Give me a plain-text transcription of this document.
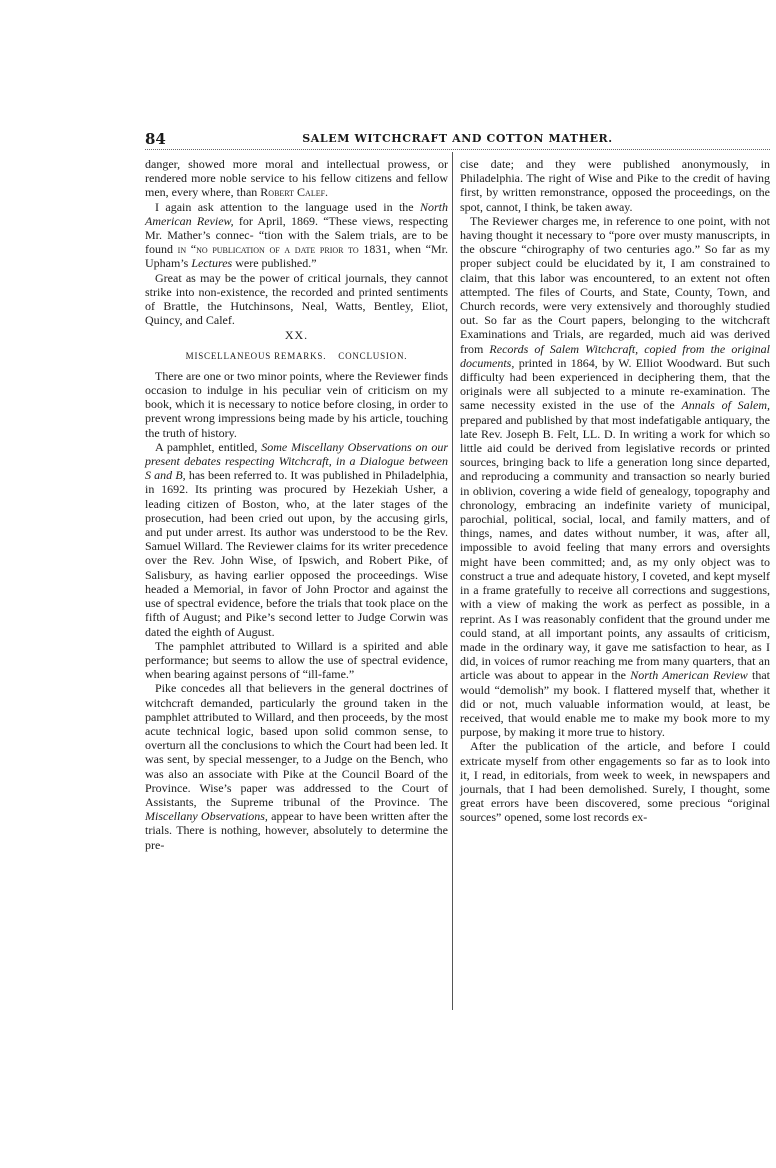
84	SALEM WITCHCRAFT AND COTTON MATHER.

danger, showed more moral and intellectual prowess, or rendered more noble service to his fellow citizens and fellow men, every where, than Robert Calef.

I again ask attention to the language used in the North American Review, for April, 1869. “These views, respecting Mr. Mather’s connec- “tion with the Salem trials, are to be found in “no publication of a date prior to 1831, when “Mr. Upham’s Lectures were published.”

Great as may be the power of critical journals, they cannot strike into non-existence, the recorded and printed sentiments of Brattle, the Hutchinsons, Neal, Watts, Bentley, Eliot, Quincy, and Calef.

XX.
MISCELLANEOUS REMARKS. CONCLUSION.

There are one or two minor points, where the Reviewer finds occasion to indulge in his peculiar vein of criticism on my book, which it is necessary to notice before closing, in order to prevent wrong impressions being made by his article, touching the truth of history.

A pamphlet, entitled, Some Miscellany Observations on our present debates respecting Witchcraft, in a Dialogue between S and B, has been referred to. It was published in Philadelphia, in 1692. Its printing was procured by Hezekiah Usher, a leading citizen of Boston, who, at the later stages of the prosecution, had been cried out upon, by the accusing girls, and put under arrest. Its author was understood to be the Rev. Samuel Willard. The Reviewer claims for its writer precedence over the Rev. John Wise, of Ipswich, and Robert Pike, of Salisbury, as having earlier opposed the proceedings. Wise headed a Memorial, in favor of John Proctor and against the use of spectral evidence, before the trials that took place on the fifth of August; and Pike’s second letter to Judge Corwin was dated the eighth of August.

The pamphlet attributed to Willard is a spirited and able performance; but seems to allow the use of spectral evidence, when bearing against persons of “ill-fame.”

Pike concedes all that believers in the general doctrines of witchcraft demanded, particularly the ground taken in the pamphlet attributed to Willard, and then proceeds, by the most acute technical logic, based upon solid common sense, to overturn all the conclusions to which the Court had been led. It was sent, by special messenger, to a Judge on the Bench, who was also an associate with Pike at the Council Board of the Province. Wise’s paper was addressed to the Court of Assistants, the Supreme tribunal of the Province. The Miscellany Observations, appear to have been written after the trials. There is nothing, however, absolutely to determine the pre-

cise date; and they were published anonymously, in Philadelphia. The right of Wise and Pike to the credit of having first, by written remonstrance, opposed the proceedings, on the spot, cannot, I think, be taken away.

The Reviewer charges me, in reference to one point, with not having thought it necessary to “pore over musty manuscripts, in the obscure “chirography of two centuries ago.” So far as my proper subject could be elucidated by it, I am constrained to claim, that this labor was encountered, to an extent not often attempted. The files of Courts, and State, County, Town, and Church records, were very extensively and thoroughly studied out. So far as the Court papers, belonging to the witchcraft Examinations and Trials, are regarded, much aid was derived from Records of Salem Witchcraft, copied from the original documents, printed in 1864, by W. Elliot Woodward. But such difficulty had been experienced in deciphering them, that the originals were all subjected to a minute re-examination. The same necessity existed in the use of the Annals of Salem, prepared and published by that most indefatigable antiquary, the late Rev. Joseph B. Felt, LL. D. In writing a work for which so little aid could be derived from legislative records or printed sources, bringing back to life a generation long since departed, and reproducing a community and transaction so nearly buried in oblivion, covering a wide field of genealogy, topography and chronology, embracing an indefinite variety of municipal, parochial, political, social, local, and family matters, and of things, names, and dates without number, it was, after all, impossible to avoid feeling that many errors and oversights might have been committed; and, as my only object was to construct a true and adequate history, I coveted, and kept myself in a frame gratefully to receive all corrections and suggestions, with a view of making the work as perfect as possible, in a reprint. As I was reasonably confident that the ground under me could stand, at all important points, any assaults of criticism, made in the ordinary way, it gave me satisfaction to hear, as I did, in voices of rumor reaching me from many quarters, that an article was about to appear in the North American Review that would “demolish” my book. I flattered myself that, whether it did or not, much valuable information would, at least, be received, that would enable me to make my book more to my purpose, by making it more true to history.

After the publication of the article, and before I could extricate myself from other engagements so far as to look into it, I read, in editorials, from week to week, in newspapers and journals, that I had been demolished. Surely, I thought, some great errors have been discovered, some precious “original sources” opened, some lost records ex-
